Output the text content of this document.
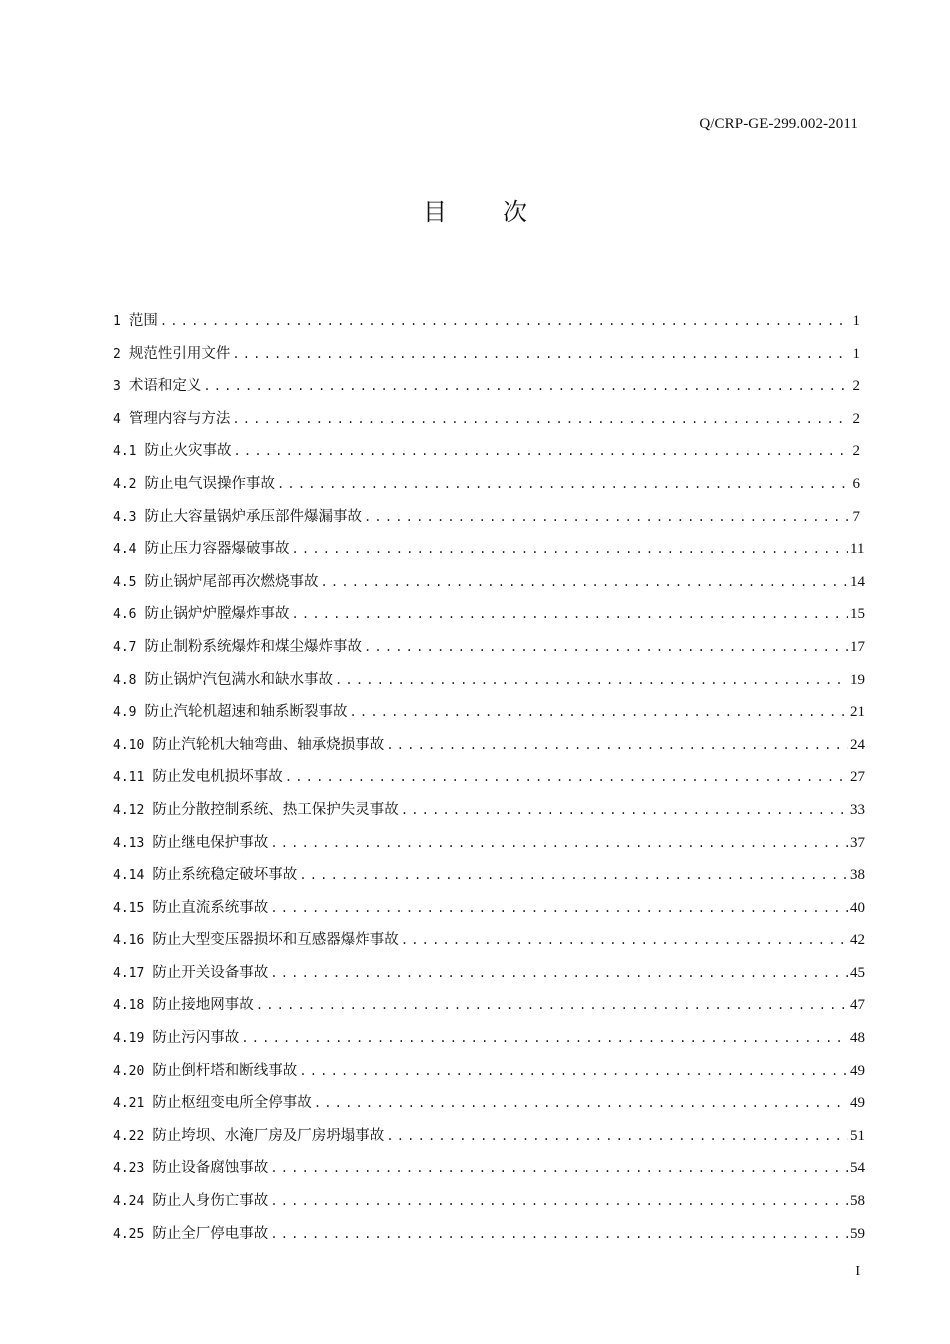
Q/CRP-GE-299.002-2011
目次
1 范围 .....	1
2 规范性引用文件 .....	1
3 术语和定义 .....	2
4 管理内容与方法 .....	2
4.1 防止火灾事故 .....	2
4.2 防止电气误操作事故 .....	6
4.3 防止大容量锅炉承压部件爆漏事故 .....	7
4.4 防止压力容器爆破事故 .....	11
4.5 防止锅炉尾部再次燃烧事故 .....	14
4.6 防止锅炉炉膛爆炸事故 .....	15
4.7 防止制粉系统爆炸和煤尘爆炸事故 .....	17
4.8 防止锅炉汽包满水和缺水事故 .....	19
4.9 防止汽轮机超速和轴系断裂事故 .....	21
4.10 防止汽轮机大轴弯曲、轴承烧损事故 .....	24
4.11 防止发电机损坏事故 .....	27
4.12 防止分散控制系统、热工保护失灵事故 .....	33
4.13 防止继电保护事故 .....	37
4.14 防止系统稳定破坏事故 .....	38
4.15 防止直流系统事故 .....	40
4.16 防止大型变压器损坏和互感器爆炸事故 .....	42
4.17 防止开关设备事故 .....	45
4.18 防止接地网事故 .....	47
4.19 防止污闪事故 .....	48
4.20 防止倒杆塔和断线事故 .....	49
4.21 防止枢纽变电所全停事故 .....	49
4.22 防止垮坝、水淹厂房及厂房坍塌事故 .....	51
4.23 防止设备腐蚀事故 .....	54
4.24 防止人身伤亡事故 .....	58
4.25 防止全厂停电事故 .....	59
I
